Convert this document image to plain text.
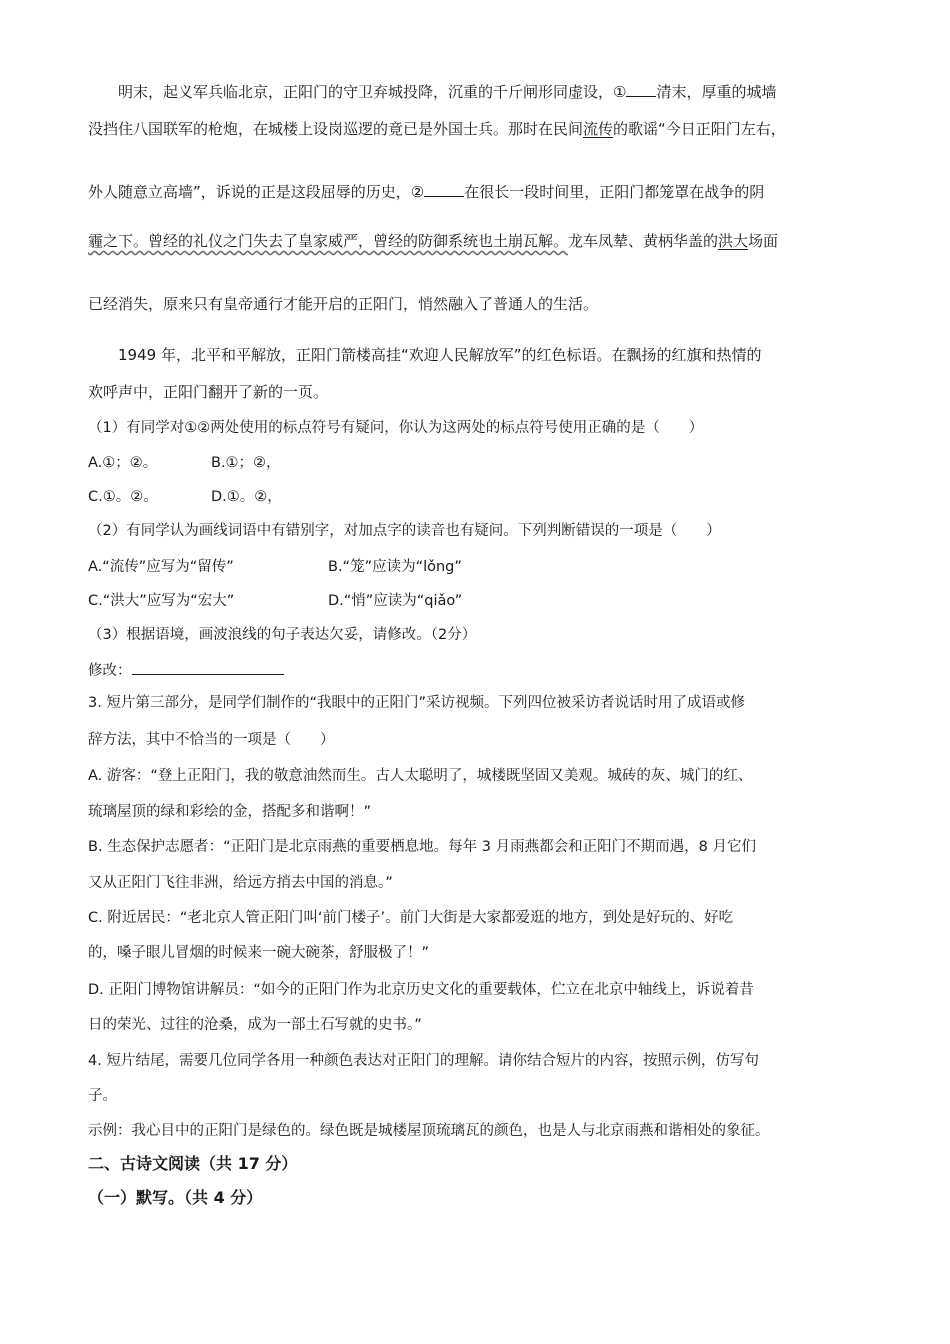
明末，起义军兵临北京，正阳门的守卫弃城投降，沉重的千斤闸形同虚设，① 清末，厚重的城墙
没挡住八国联军的枪炮，在城楼上设岗巡逻的竟已是外国士兵。那时在民间流传的歌谣“今日正阳门左右，
外人随意立高墙”，诉说的正是这段屈辱的历史，②	在很长一段时间里，正阳门都笼罩在战争的阴
霾之下。曾经的礼仪之门失去了皇家威严，曾经的防御系统也土崩瓦解。龙车凤辇、黄柄华盖的洪大场面
已经消失，原来只有皇帝通行才能开启的正阳门，悄然融入了普通人的生活。
1949 年，北平和平解放，正阳门箭楼高挂“欢迎人民解放军”的红色标语。在飘扬的红旗和热情的
欢呼声中，正阳门翻开了新的一页。
（1）有同学对①②两处使用的标点符号有疑问，你认为这两处的标点符号使用正确的是（　　）
A.①；②。	B.①；②，
C.①。②。	D.①。②，
（2）有同学认为画线词语中有错别字，对加点字的读音也有疑问。下列判断错误的一项是（　　）
A.“流传”应写为“留传”	B.“笼”应读为“lǒng”
C.“洪大”应写为“宏大”	D.“悄”应读为“qiǎo”
（3）根据语境，画波浪线的句子表达欠妥，请修改。（2分）
修改：
3. 短片第三部分，是同学们制作的“我眼中的正阳门”采访视频。下列四位被采访者说话时用了成语或修
辞方法，其中不恰当的一项是（　　）
A. 游客：“登上正阳门，我的敬意油然而生。古人太聪明了，城楼既坚固又美观。城砖的灰、城门的红、
琉璃屋顶的绿和彩绘的金，搭配多和谐啊！”
B. 生态保护志愿者：“正阳门是北京雨燕的重要栖息地。每年 3 月雨燕都会和正阳门不期而遇，8 月它们
又从正阳门飞往非洲，给远方捎去中国的消息。”
C. 附近居民：“老北京人管正阳门叫‘前门楼子’。前门大街是大家都爱逛的地方，到处是好玩的、好吃
的，嗓子眼儿冒烟的时候来一碗大碗茶，舒服极了！”
D. 正阳门博物馆讲解员：“如今的正阳门作为北京历史文化的重要载体，伫立在北京中轴线上，诉说着昔
日的荣光、过往的沧桑，成为一部土石写就的史书。”
4. 短片结尾，需要几位同学各用一种颜色表达对正阳门的理解。请你结合短片的内容，按照示例，仿写句
子。
示例：我心目中的正阳门是绿色的。绿色既是城楼屋顶琉璃瓦的颜色，也是人与北京雨燕和谐相处的象征。
二、古诗文阅读（共 17 分）
（一）默写。（共 4 分）
